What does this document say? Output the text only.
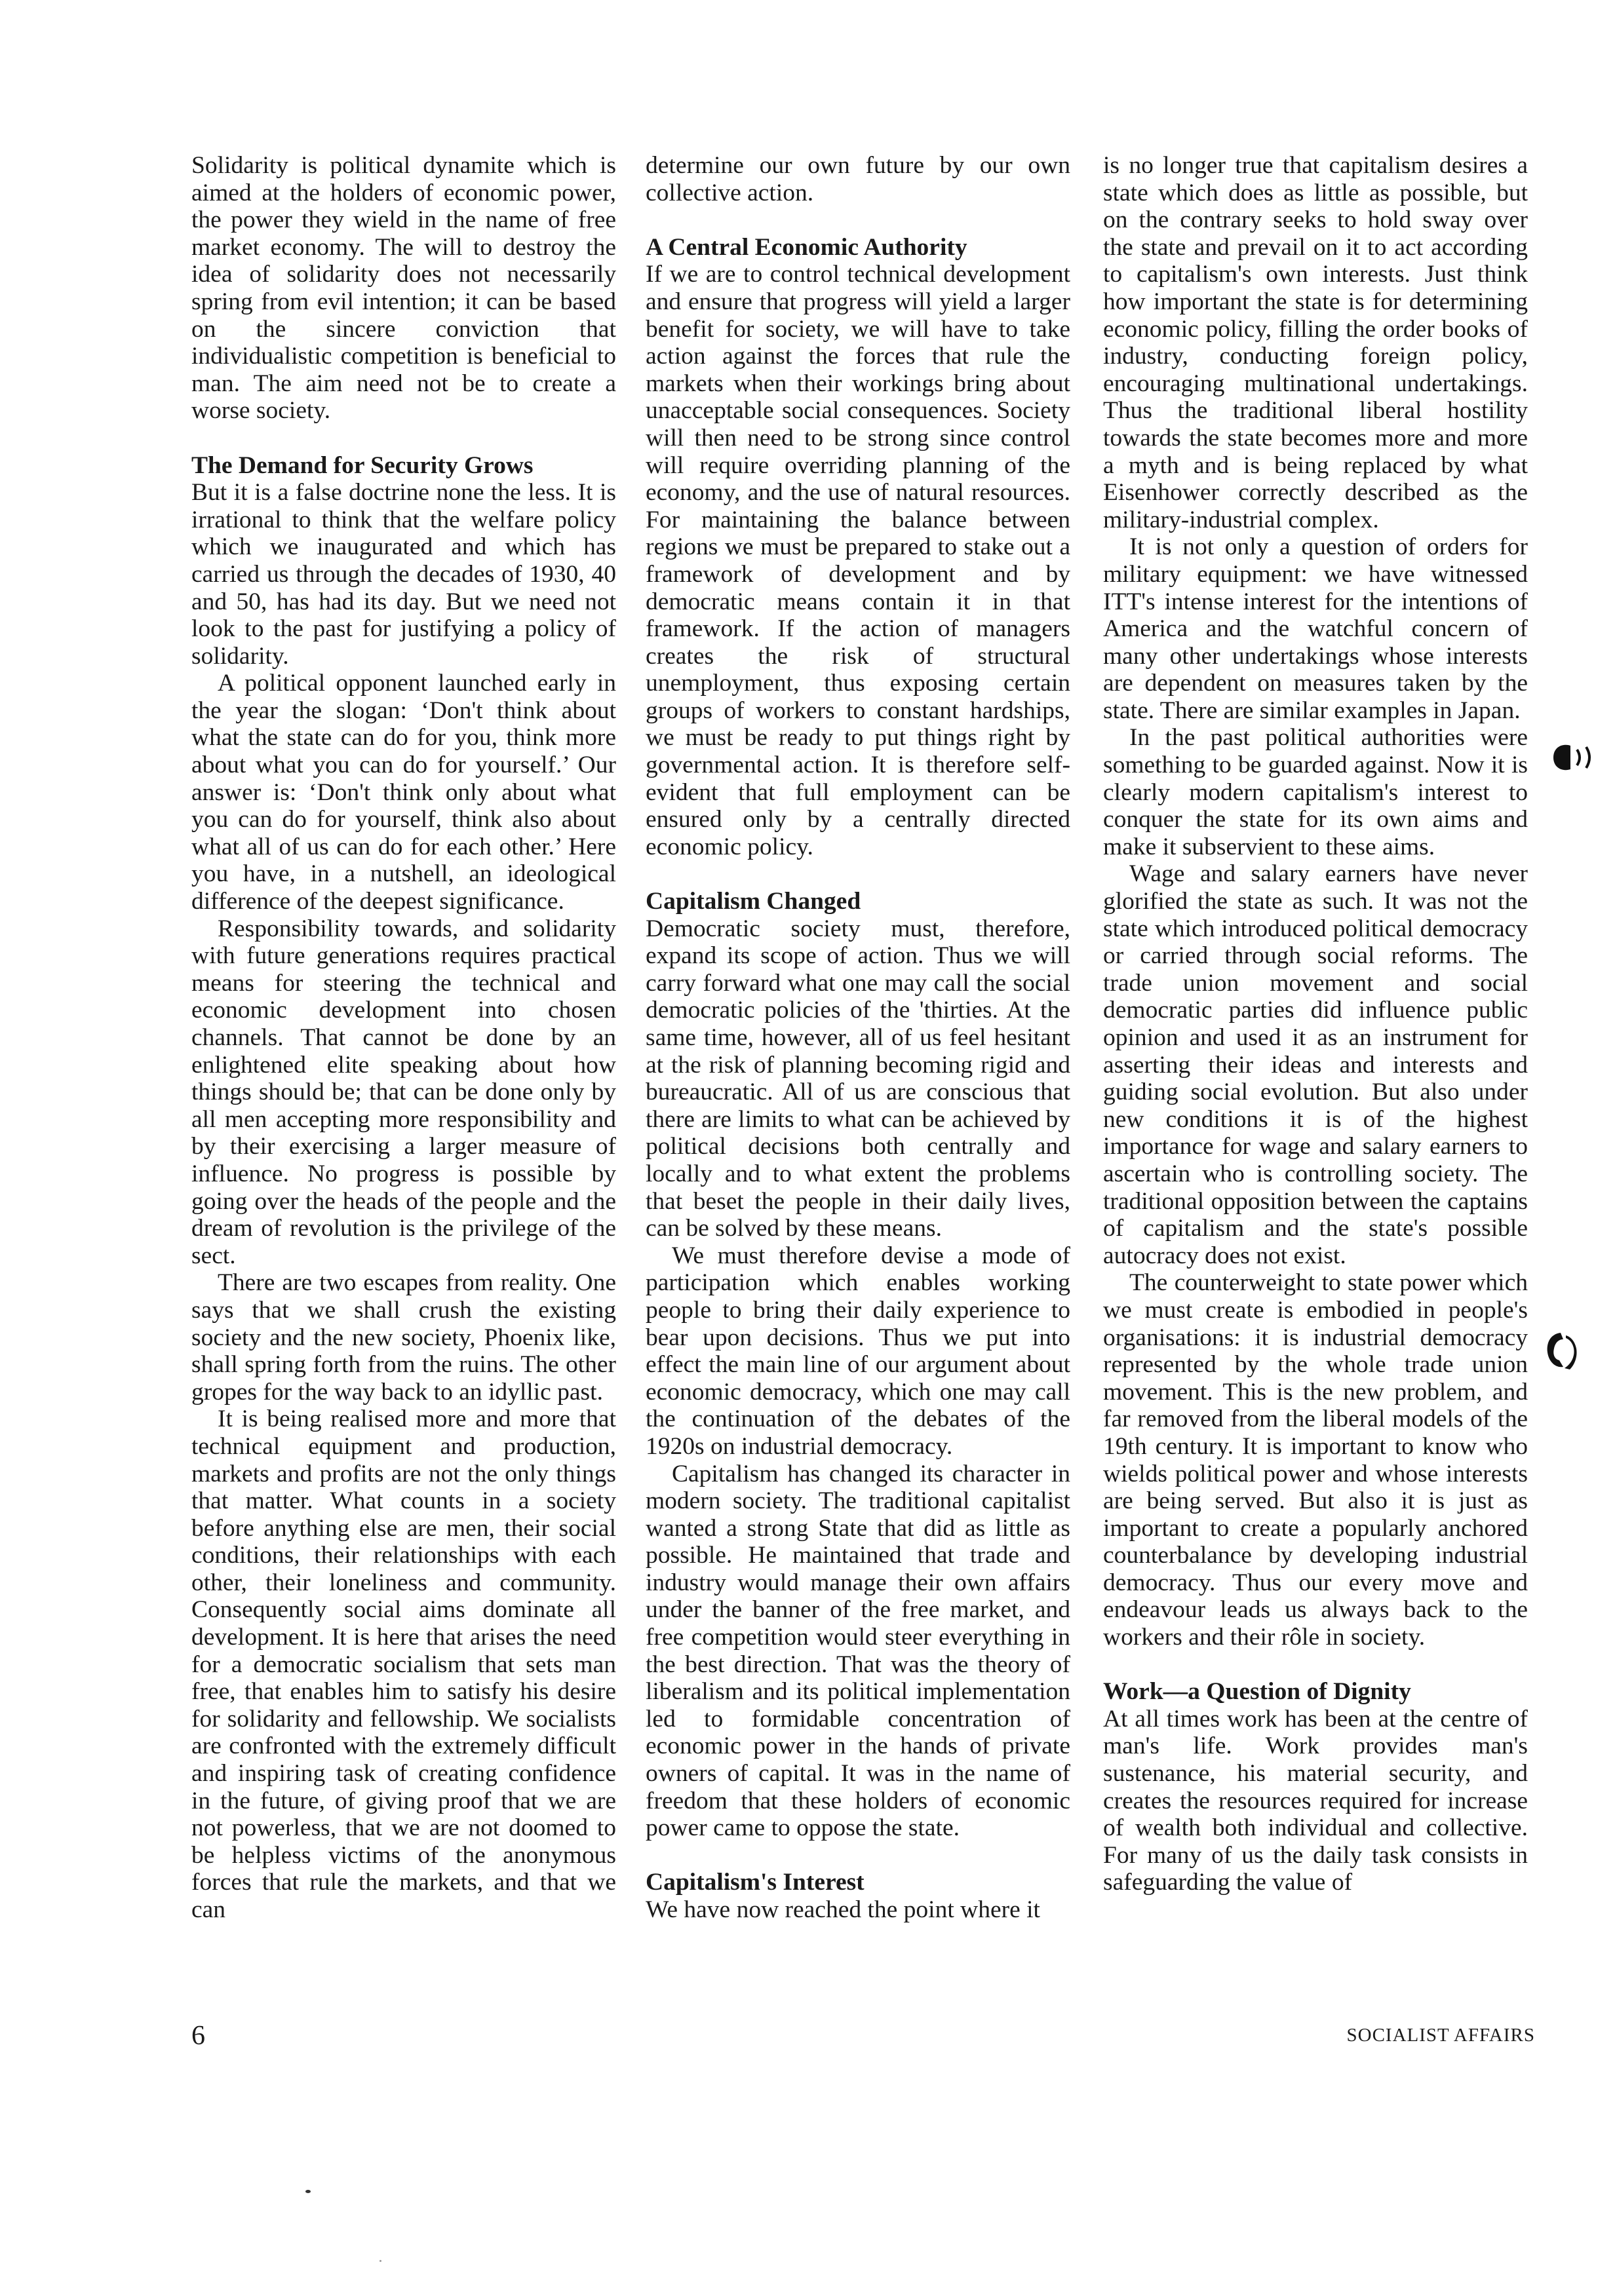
Solidarity is political dynamite which is aimed at the holders of economic power, the power they wield in the name of free market economy. The will to destroy the idea of solidarity does not necessarily spring from evil intention; it can be based on the sincere conviction that individualistic competition is beneficial to man. The aim need not be to create a worse society.

The Demand for Security Grows

But it is a false doctrine none the less. It is irrational to think that the welfare policy which we inaugurated and which has carried us through the decades of 1930, 40 and 50, has had its day. But we need not look to the past for justifying a policy of solidarity.

A political opponent launched early in the year the slogan: ‘Don't think about what the state can do for you, think more about what you can do for yourself.’ Our answer is: ‘Don't think only about what you can do for yourself, think also about what all of us can do for each other.’ Here you have, in a nutshell, an ideological difference of the deepest significance.

Responsibility towards, and solidarity with future generations requires practical means for steering the technical and economic development into chosen channels. That cannot be done by an enlightened elite speaking about how things should be; that can be done only by all men accepting more responsibility and by their exercising a larger measure of influence. No progress is possible by going over the heads of the people and the dream of revolution is the privilege of the sect.

There are two escapes from reality. One says that we shall crush the existing society and the new society, Phoenix like, shall spring forth from the ruins. The other gropes for the way back to an idyllic past.

It is being realised more and more that technical equipment and production, markets and profits are not the only things that matter. What counts in a society before anything else are men, their social conditions, their relationships with each other, their loneliness and community. Consequently social aims dominate all development. It is here that arises the need for a democratic socialism that sets man free, that enables him to satisfy his desire for solidarity and fellowship. We socialists are confronted with the extremely difficult and inspiring task of creating confidence in the future, of giving proof that we are not powerless, that we are not doomed to be helpless victims of the anonymous forces that rule the markets, and that we can

determine our own future by our own collective action.

A Central Economic Authority

If we are to control technical development and ensure that progress will yield a larger benefit for society, we will have to take action against the forces that rule the markets when their workings bring about unacceptable social consequences. Society will then need to be strong since control will require overriding planning of the economy, and the use of natural resources. For maintaining the balance between regions we must be prepared to stake out a framework of development and by democratic means contain it in that framework. If the action of managers creates the risk of structural unemployment, thus exposing certain groups of workers to constant hardships, we must be ready to put things right by governmental action. It is therefore self-evident that full employment can be ensured only by a centrally directed economic policy.

Capitalism Changed

Democratic society must, therefore, expand its scope of action. Thus we will carry forward what one may call the social democratic policies of the 'thirties. At the same time, however, all of us feel hesitant at the risk of planning becoming rigid and bureaucratic. All of us are conscious that there are limits to what can be achieved by political decisions both centrally and locally and to what extent the problems that beset the people in their daily lives, can be solved by these means.

We must therefore devise a mode of participation which enables working people to bring their daily experience to bear upon decisions. Thus we put into effect the main line of our argument about economic democracy, which one may call the continuation of the debates of the 1920s on industrial democracy.

Capitalism has changed its character in modern society. The traditional capitalist wanted a strong State that did as little as possible. He maintained that trade and industry would manage their own affairs under the banner of the free market, and free competition would steer everything in the best direction. That was the theory of liberalism and its political implementation led to formidable concentration of economic power in the hands of private owners of capital. It was in the name of freedom that these holders of economic power came to oppose the state.

Capitalism's Interest

We have now reached the point where it

is no longer true that capitalism desires a state which does as little as possible, but on the contrary seeks to hold sway over the state and prevail on it to act according to capitalism's own interests. Just think how important the state is for determining economic policy, filling the order books of industry, conducting foreign policy, encouraging multinational undertakings. Thus the traditional liberal hostility towards the state becomes more and more a myth and is being replaced by what Eisenhower correctly described as the military-industrial complex.

It is not only a question of orders for military equipment: we have witnessed ITT's intense interest for the intentions of America and the watchful concern of many other undertakings whose interests are dependent on measures taken by the state. There are similar examples in Japan.

In the past political authorities were something to be guarded against. Now it is clearly modern capitalism's interest to conquer the state for its own aims and make it subservient to these aims.

Wage and salary earners have never glorified the state as such. It was not the state which introduced political democracy or carried through social reforms. The trade union movement and social democratic parties did influence public opinion and used it as an instrument for asserting their ideas and interests and guiding social evolution. But also under new conditions it is of the highest importance for wage and salary earners to ascertain who is controlling society. The traditional opposition between the captains of capitalism and the state's possible autocracy does not exist.

The counterweight to state power which we must create is embodied in people's organisations: it is industrial democracy represented by the whole trade union movement. This is the new problem, and far removed from the liberal models of the 19th century. It is important to know who wields political power and whose interests are being served. But also it is just as important to create a popularly anchored counterbalance by developing industrial democracy. Thus our every move and endeavour leads us always back to the workers and their rôle in society.

Work—a Question of Dignity

At all times work has been at the centre of man's life. Work provides man's sustenance, his material security, and creates the resources required for increase of wealth both individual and collective. For many of us the daily task consists in safeguarding the value of

6	SOCIALIST AFFAIRS
